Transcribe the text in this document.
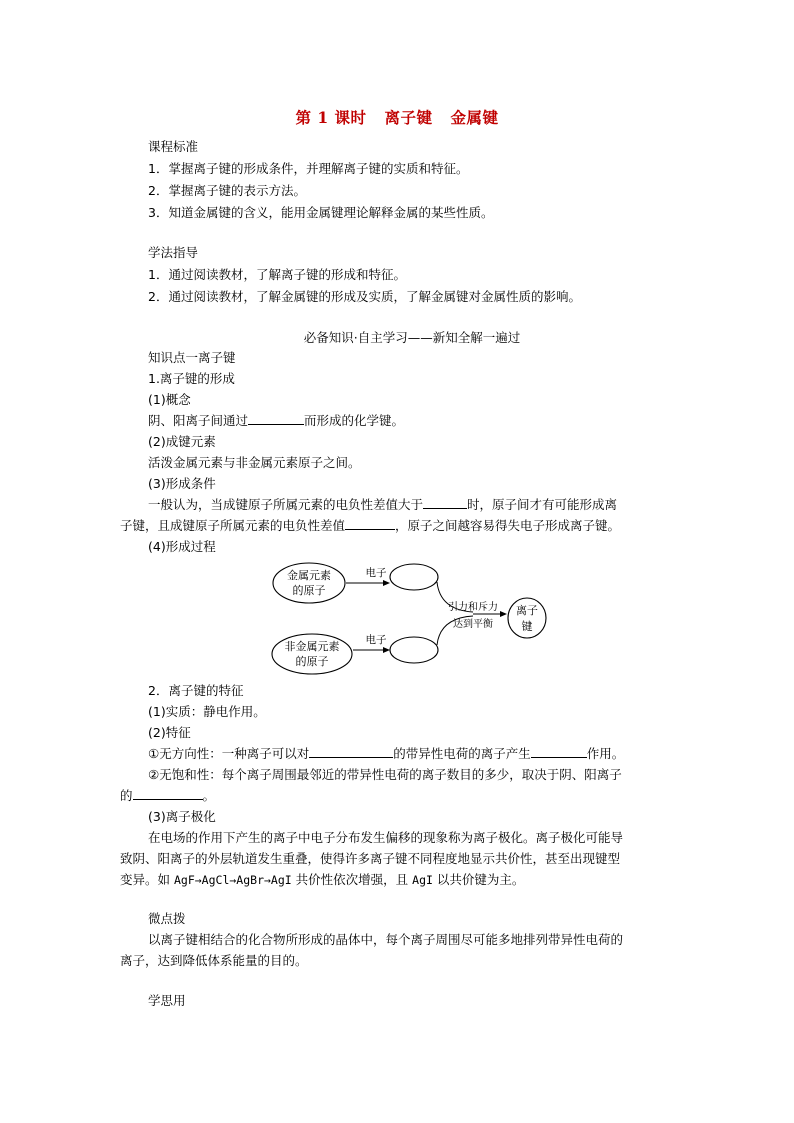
第 1 课时 离子键 金属键
课程标准
1．掌握离子键的形成条件，并理解离子键的实质和特征。
2．掌握离子键的表示方法。
3．知道金属键的含义，能用金属键理论解释金属的某些性质。
学法指导
1．通过阅读教材，了解离子键的形成和特征。
2．通过阅读教材，了解金属键的形成及实质，了解金属键对金属性质的影响。
必备知识·自主学习——新知全解一遍过
知识点一离子键
1.离子键的形成
(1)概念
阴、阳离子间通过	而形成的化学键。
(2)成键元素
活泼金属元素与非金属元素原子之间。
(3)形成条件
一般认为，当成键原子所属元素的电负性差值大于	时，原子间才有可能形成离
子键，且成键原子所属元素的电负性差值	，原子之间越容易得失电子形成离子键。
(4)形成过程
金属元素
的原子
电子
非金属元素
的原子
电子
引力和斥力
达到平衡
离子
键
2．离子键的特征
(1)实质：静电作用。
(2)特征
①无方向性：一种离子可以对	的带异性电荷的离子产生	作用。
②无饱和性：每个离子周围最邻近的带异性电荷的离子数目的多少，取决于阴、阳离子
的	。
(3)离子极化
在电场的作用下产生的离子中电子分布发生偏移的现象称为离子极化。离子极化可能导
致阴、阳离子的外层轨道发生重叠，使得许多离子键不同程度地显示共价性，甚至出现键型
变异。如 AgF→AgCl→AgBr→AgI 共价性依次增强，且 AgI 以共价键为主。
微点拨
以离子键相结合的化合物所形成的晶体中，每个离子周围尽可能多地排列带异性电荷的
离子，达到降低体系能量的目的。
学思用
